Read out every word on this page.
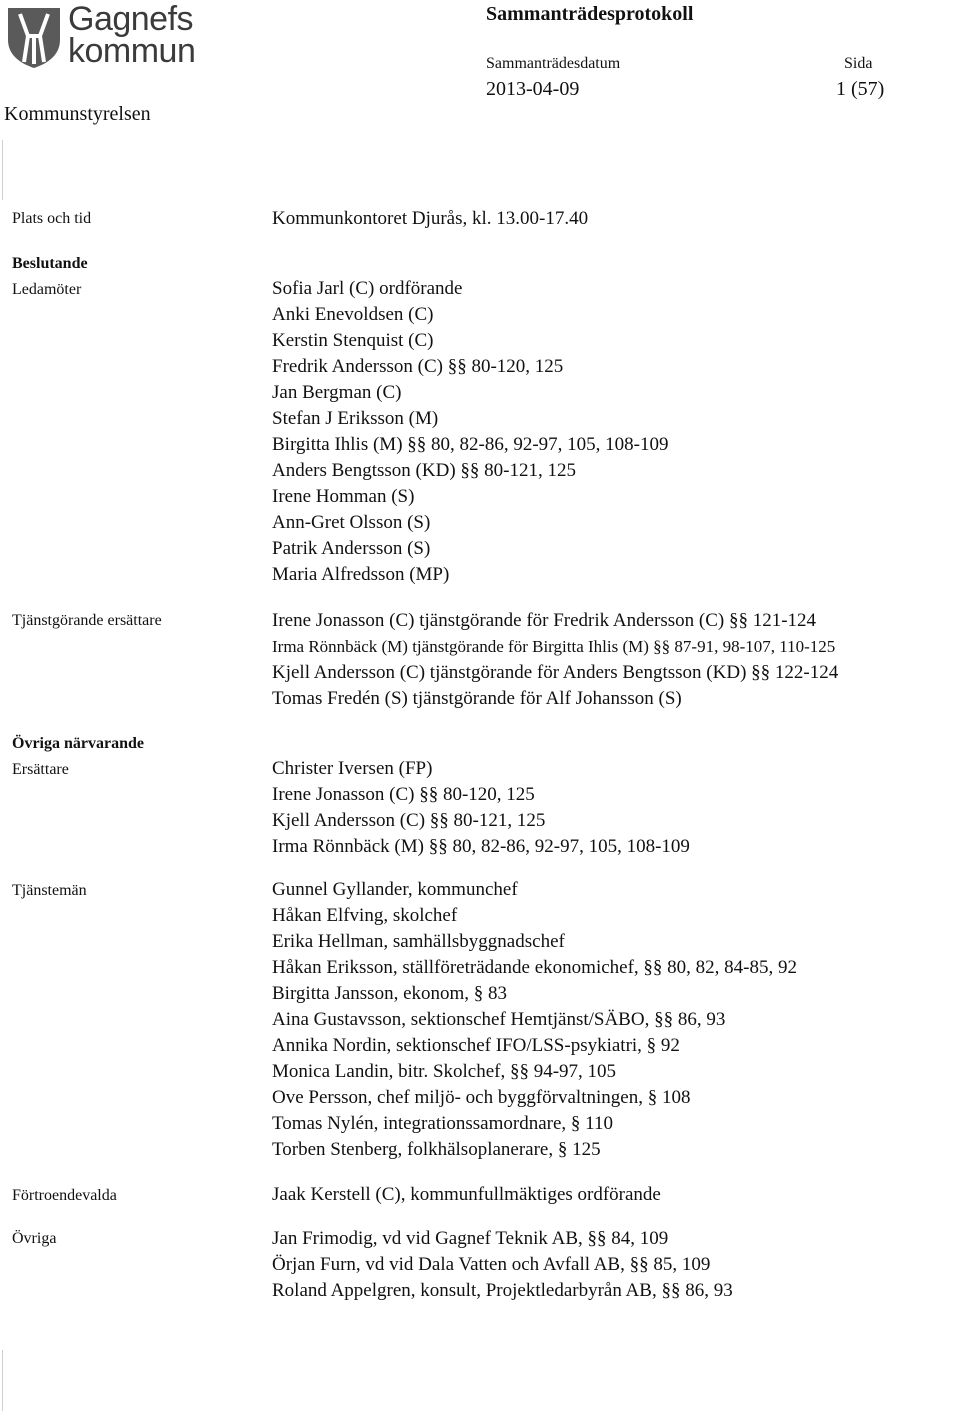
Gagnefs
kommun
Kommunstyrelsen
Sammanträdesprotokoll
Sammanträdesdatum
2013-04-09
Sida
1 (57)
Plats och tid	Kommunkontoret Djurås, kl. 13.00-17.40
Beslutande
Ledamöter	Sofia Jarl (C) ordförande
Anki Enevoldsen (C)
Kerstin Stenquist (C)
Fredrik Andersson (C) §§ 80-120, 125
Jan Bergman (C)
Stefan J Eriksson (M)
Birgitta Ihlis (M) §§ 80, 82-86, 92-97, 105, 108-109
Anders Bengtsson (KD) §§ 80-121, 125
Irene Homman (S)
Ann-Gret Olsson (S)
Patrik Andersson (S)
Maria Alfredsson (MP)
Tjänstgörande ersättare	Irene Jonasson (C) tjänstgörande för Fredrik Andersson (C) §§ 121-124
Irma Rönnbäck (M) tjänstgörande för Birgitta Ihlis (M) §§ 87-91, 98-107, 110-125
Kjell Andersson (C) tjänstgörande för Anders Bengtsson (KD) §§ 122-124
Tomas Fredén (S) tjänstgörande för Alf Johansson (S)
Övriga närvarande
Ersättare	Christer Iversen (FP)
Irene Jonasson (C) §§ 80-120, 125
Kjell Andersson (C) §§ 80-121, 125
Irma Rönnbäck (M) §§ 80, 82-86, 92-97, 105, 108-109
Tjänstemän	Gunnel Gyllander, kommunchef
Håkan Elfving, skolchef
Erika Hellman, samhällsbyggnadschef
Håkan Eriksson, ställföreträdande ekonomichef, §§ 80, 82, 84-85, 92
Birgitta Jansson, ekonom, § 83
Aina Gustavsson, sektionschef Hemtjänst/SÄBO, §§ 86, 93
Annika Nordin, sektionschef IFO/LSS-psykiatri, § 92
Monica Landin, bitr. Skolchef, §§ 94-97, 105
Ove Persson, chef miljö- och byggförvaltningen, § 108
Tomas Nylén, integrationssamordnare, § 110
Torben Stenberg, folkhälsoplanerare, § 125
Förtroendevalda	Jaak Kerstell (C), kommunfullmäktiges ordförande
Övriga	Jan Frimodig, vd vid Gagnef Teknik AB, §§ 84, 109
Örjan Furn, vd vid Dala Vatten och Avfall AB, §§ 85, 109
Roland Appelgren, konsult, Projektledarbyrån AB, §§ 86, 93
